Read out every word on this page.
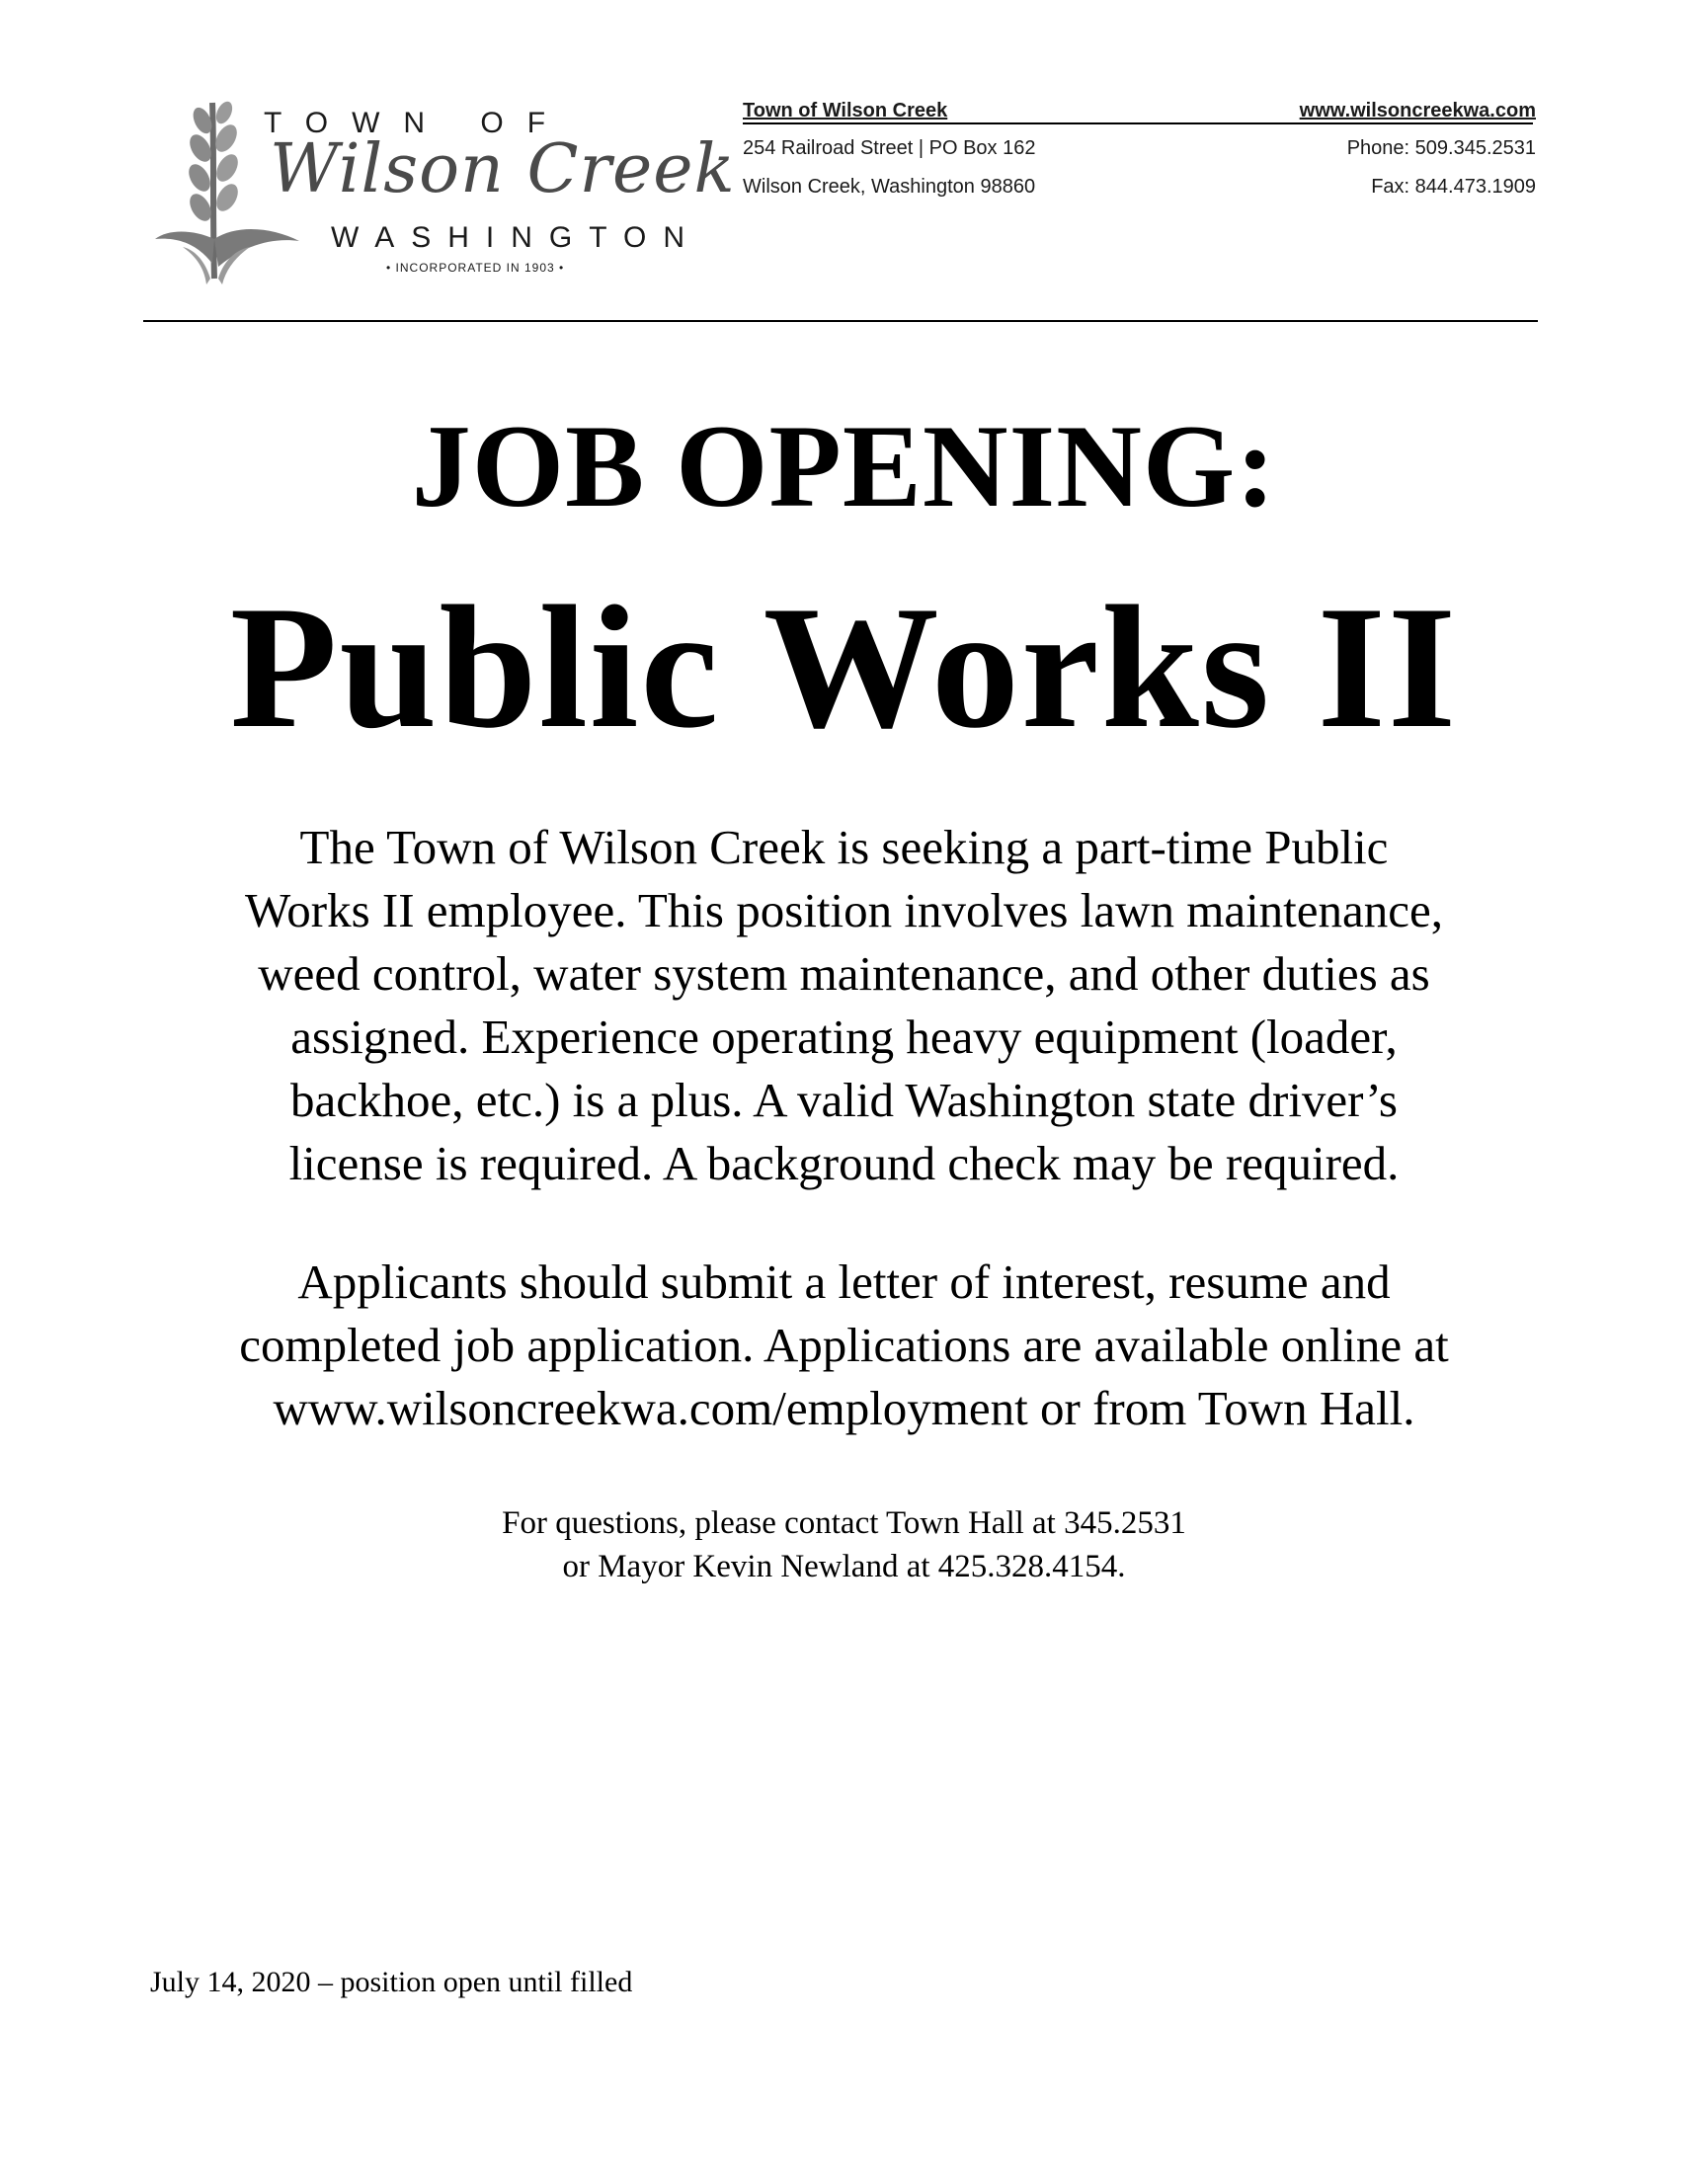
TOWN OF
Wilson Creek
WASHINGTON
• INCORPORATED IN 1903 •
Town of Wilson Creek
254 Railroad Street | PO Box 162
Wilson Creek, Washington 98860
www.wilsoncreekwa.com
Phone: 509.345.2531
Fax: 844.473.1909
JOB OPENING:
Public Works II
The Town of Wilson Creek is seeking a part-time Public
Works II employee. This position involves lawn maintenance,
weed control, water system maintenance, and other duties as
assigned. Experience operating heavy equipment (loader,
backhoe, etc.) is a plus. A valid Washington state driver’s
license is required. A background check may be required.
Applicants should submit a letter of interest, resume and
completed job application. Applications are available online at
www.wilsoncreekwa.com/employment or from Town Hall.
For questions, please contact Town Hall at 345.2531
or Mayor Kevin Newland at 425.328.4154.
July 14, 2020 – position open until filled
